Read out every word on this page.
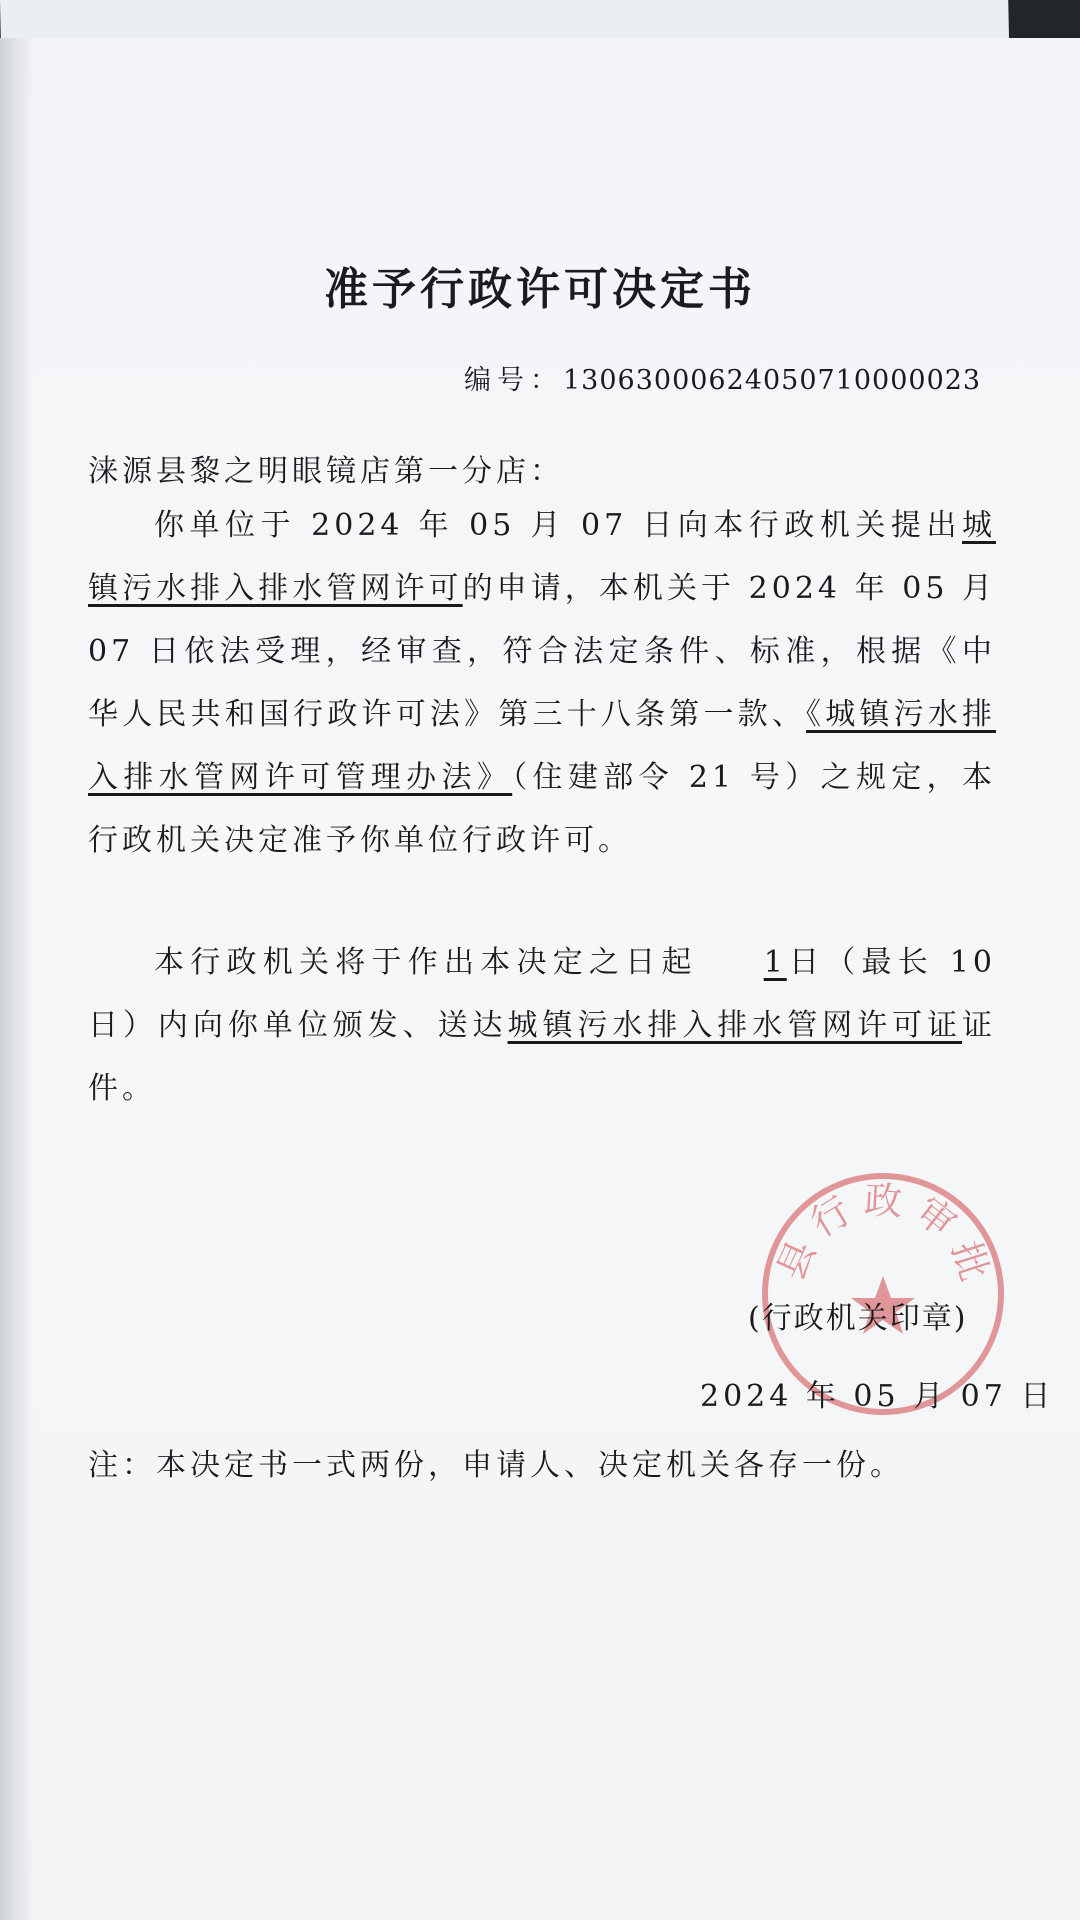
准予行政许可决定书
编号：13063000624050710000023
涞源县黎之明眼镜店第一分店：

你单位于 2024 年 05 月 07 日向本行政机关提出城镇污水排入排水管网许可的申请，本机关于 2024 年 05 月 07 日依法受理，经审查，符合法定条件、标准，根据《中华人民共和国行政许可法》第三十八条第一款、《城镇污水排入排水管网许可管理办法》（住建部令 21 号）之规定，本行政机关决定准予你单位行政许可。

本行政机关将于作出本决定之日起 1日（最长 10 日）内向你单位颁发、送达城镇污水排入排水管网许可证证件。

县行政审批
(行政机关印章)
2024 年 05 月 07 日
注：本决定书一式两份，申请人、决定机关各存一份。
